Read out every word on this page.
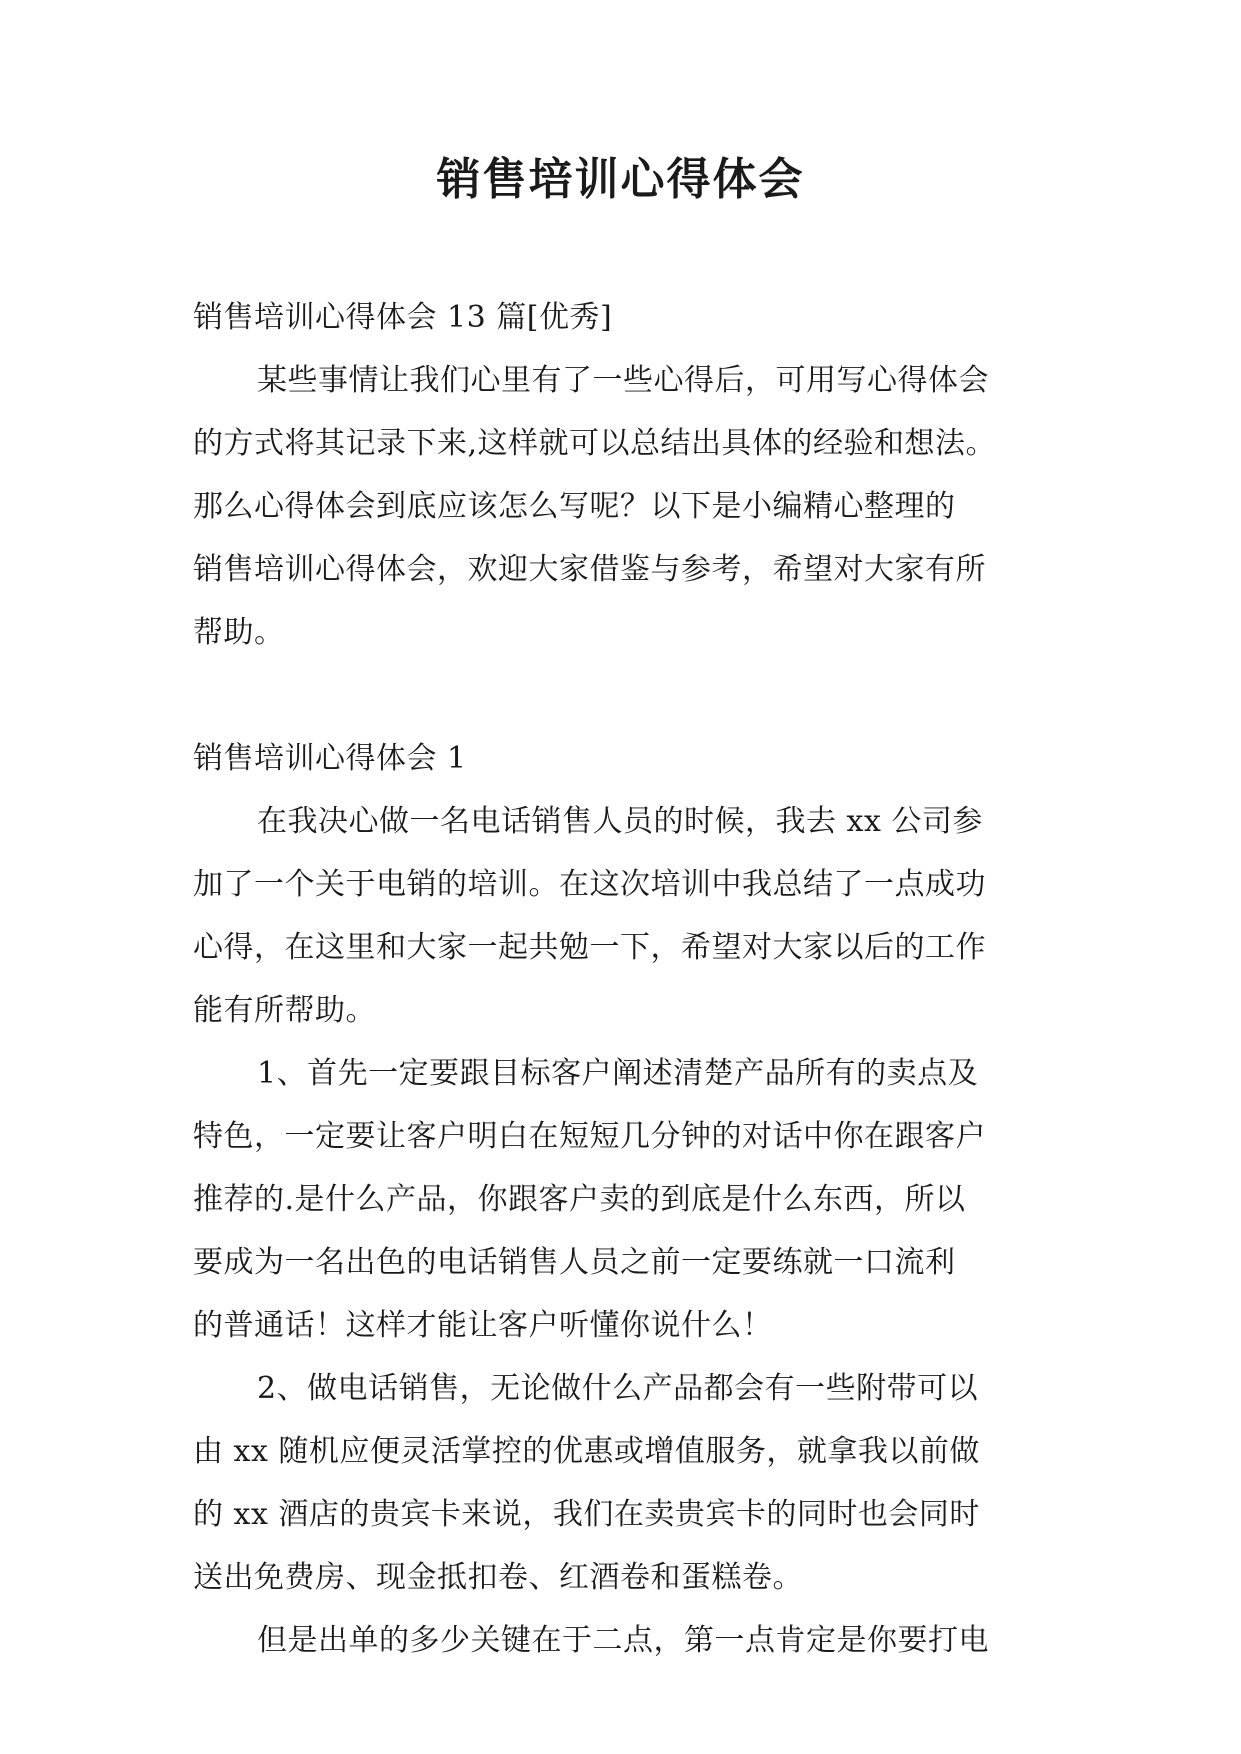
销售培训心得体会
销售培训心得体会 13 篇[优秀]
某些事情让我们心里有了一些心得后，可用写心得体会
的方式将其记录下来,这样就可以总结出具体的经验和想法。
那么心得体会到底应该怎么写呢？以下是小编精心整理的
销售培训心得体会，欢迎大家借鉴与参考，希望对大家有所
帮助。
销售培训心得体会 1
在我决心做一名电话销售人员的时候，我去 xx 公司参
加了一个关于电销的培训。在这次培训中我总结了一点成功
心得，在这里和大家一起共勉一下，希望对大家以后的工作
能有所帮助。
1、首先一定要跟目标客户阐述清楚产品所有的卖点及
特色，一定要让客户明白在短短几分钟的对话中你在跟客户
推荐的.是什么产品，你跟客户卖的到底是什么东西，所以
要成为一名出色的电话销售人员之前一定要练就一口流利
的普通话！这样才能让客户听懂你说什么！
2、做电话销售，无论做什么产品都会有一些附带可以
由 xx 随机应便灵活掌控的优惠或增值服务，就拿我以前做
的 xx 酒店的贵宾卡来说，我们在卖贵宾卡的同时也会同时
送出免费房、现金抵扣卷、红酒卷和蛋糕卷。
但是出单的多少关键在于二点，第一点肯定是你要打电
